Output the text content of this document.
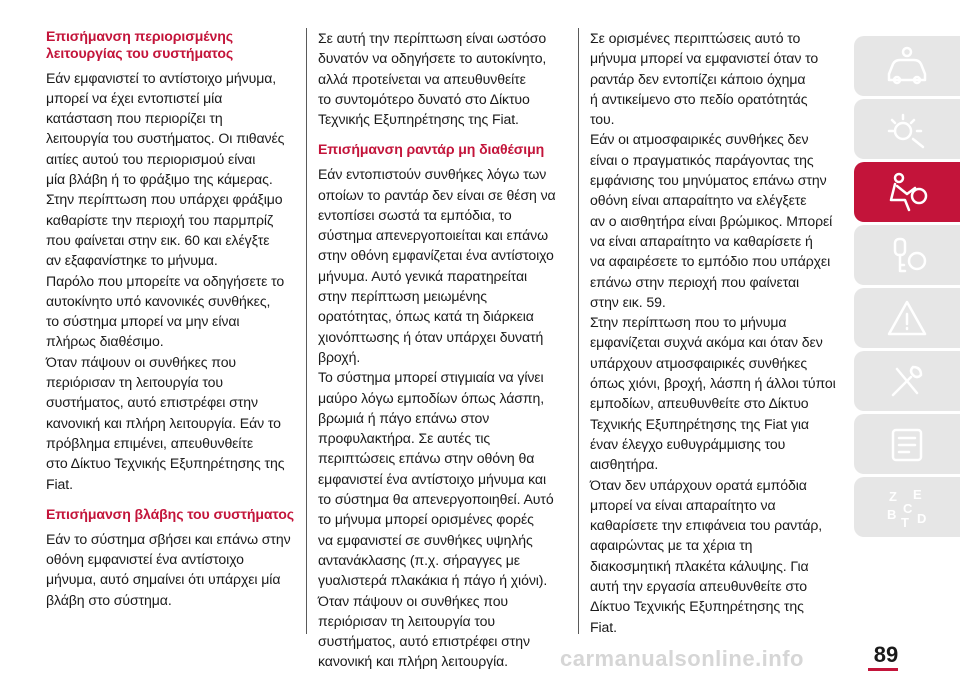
Επισήμανση περιορισμένης λειτουργίας του συστήματος

Εάν εμφανιστεί το αντίστοιχο μήνυμα,
μπορεί να έχει εντοπιστεί μία
κατάσταση που περιορίζει τη
λειτουργία του συστήματος. Οι πιθανές
αιτίες αυτού του περιορισμού είναι
μία βλάβη ή το φράξιμο της κάμερας.
Στην περίπτωση που υπάρχει φράξιμο
καθαρίστε την περιοχή του παρμπρίζ
που φαίνεται στην εικ. 60 και ελέγξτε
αν εξαφανίστηκε το μήνυμα.
Παρόλο που μπορείτε να οδηγήσετε το
αυτοκίνητο υπό κανονικές συνθήκες,
το σύστημα μπορεί να μην είναι
πλήρως διαθέσιμο.
Όταν πάψουν οι συνθήκες που
περιόρισαν τη λειτουργία του
συστήματος, αυτό επιστρέφει στην
κανονική και πλήρη λειτουργία. Εάν το
πρόβλημα επιμένει, απευθυνθείτε
στο Δίκτυο Τεχνικής Εξυπηρέτησης της
Fiat.

Επισήμανση βλάβης του συστήματος

Εάν το σύστημα σβήσει και επάνω στην
οθόνη εμφανιστεί ένα αντίστοιχο
μήνυμα, αυτό σημαίνει ότι υπάρχει μία
βλάβη στο σύστημα.

Σε αυτή την περίπτωση είναι ωστόσο
δυνατόν να οδηγήσετε το αυτοκίνητο,
αλλά προτείνεται να απευθυνθείτε
το συντομότερο δυνατό στο Δίκτυο
Τεχνικής Εξυπηρέτησης της Fiat.

Επισήμανση ραντάρ μη διαθέσιμη

Εάν εντοπιστούν συνθήκες λόγω των
οποίων το ραντάρ δεν είναι σε θέση να
εντοπίσει σωστά τα εμπόδια, το
σύστημα απενεργοποιείται και επάνω
στην οθόνη εμφανίζεται ένα αντίστοιχο
μήνυμα. Αυτό γενικά παρατηρείται
στην περίπτωση μειωμένης
ορατότητας, όπως κατά τη διάρκεια
χιονόπτωσης ή όταν υπάρχει δυνατή
βροχή.
Το σύστημα μπορεί στιγμιαία να γίνει
μαύρο λόγω εμποδίων όπως λάσπη,
βρωμιά ή πάγο επάνω στον
προφυλακτήρα. Σε αυτές τις
περιπτώσεις επάνω στην οθόνη θα
εμφανιστεί ένα αντίστοιχο μήνυμα και
το σύστημα θα απενεργοποιηθεί. Αυτό
το μήνυμα μπορεί ορισμένες φορές
να εμφανιστεί σε συνθήκες υψηλής
αντανάκλασης (π.χ. σήραγγες με
γυαλιστερά πλακάκια ή πάγο ή χιόνι).
Όταν πάψουν οι συνθήκες που
περιόρισαν τη λειτουργία του
συστήματος, αυτό επιστρέφει στην
κανονική και πλήρη λειτουργία.

Σε ορισμένες περιπτώσεις αυτό το
μήνυμα μπορεί να εμφανιστεί όταν το
ραντάρ δεν εντοπίζει κάποιο όχημα
ή αντικείμενο στο πεδίο ορατότητάς
του.
Εάν οι ατμοσφαιρικές συνθήκες δεν
είναι ο πραγματικός παράγοντας της
εμφάνισης του μηνύματος επάνω στην
οθόνη είναι απαραίτητο να ελέγξετε
αν ο αισθητήρα είναι βρώμικος. Μπορεί
να είναι απαραίτητο να καθαρίσετε ή
να αφαιρέσετε το εμπόδιο που υπάρχει
επάνω στην περιοχή που φαίνεται
στην εικ. 59.
Στην περίπτωση που το μήνυμα
εμφανίζεται συχνά ακόμα και όταν δεν
υπάρχουν ατμοσφαιρικές συνθήκες
όπως χιόνι, βροχή, λάσπη ή άλλοι τύποι
εμποδίων, απευθυνθείτε στο Δίκτυο
Τεχνικής Εξυπηρέτησης της Fiat για
έναν έλεγχο ευθυγράμμισης του
αισθητήρα.
Όταν δεν υπάρχουν ορατά εμπόδια
μπορεί να είναι απαραίτητο να
καθαρίσετε την επιφάνεια του ραντάρ,
αφαιρώντας με τα χέρια τη
διακοσμητική πλακέτα κάλυψης. Για
αυτή την εργασία απευθυνθείτε στο
Δίκτυο Τεχνικής Εξυπηρέτησης της
Fiat.

Z E
B C
T D
carmanualsonline.info	89
